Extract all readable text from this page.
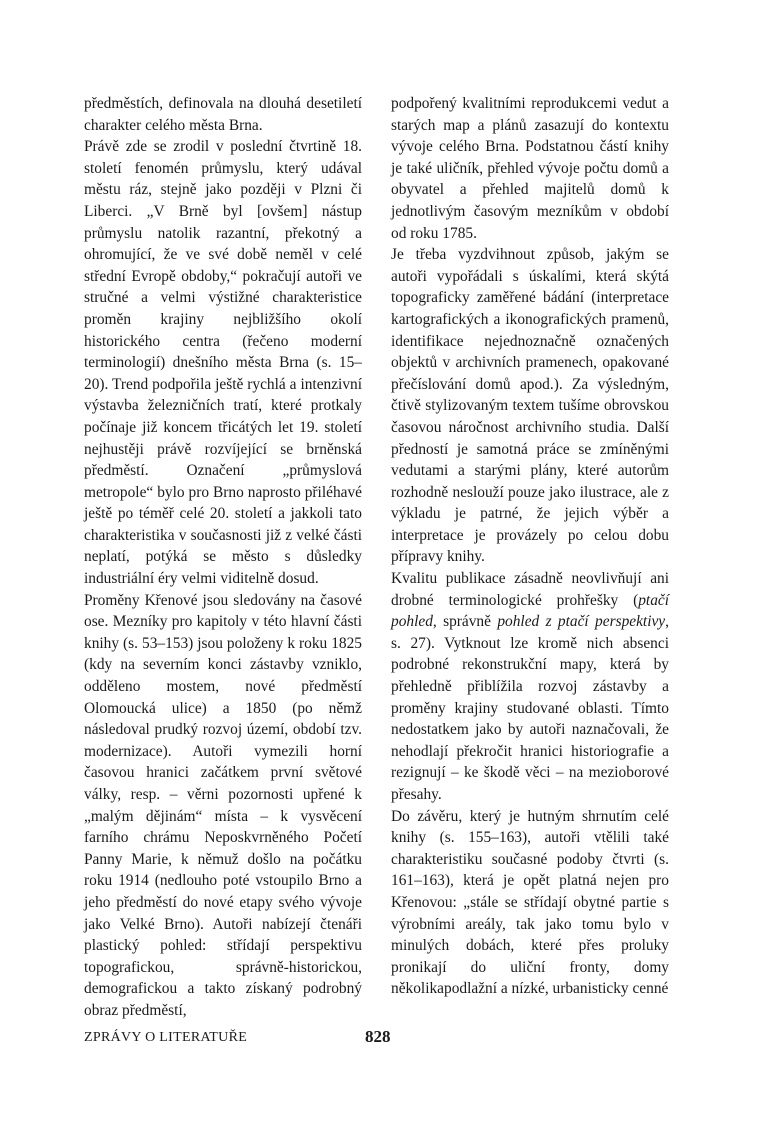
předměstích, definovala na dlouhá desetiletí charakter celého města Brna.

Právě zde se zrodil v poslední čtvrtině 18. století fenomén průmyslu, který udával městu ráz, stejně jako později v Plzni či Liberci. „V Brně byl [ovšem] nástup průmyslu natolik razantní, překotný a ohromující, že ve své době neměl v celé střední Evropě obdoby,“ pokračují autoři ve stručné a velmi výstižné charakteristice proměn krajiny nejbližšího okolí historického centra (řečeno moderní terminologií) dnešního města Brna (s. 15–20). Trend podpořila ještě rychlá a intenzivní výstavba železničních tratí, které protkaly počínaje již koncem třicátých let 19. století nejhustěji právě rozvíjející se brněnská předměstí. Označení „průmyslová metropole“ bylo pro Brno naprosto přiléhavé ještě po téměř celé 20. století a jakkoli tato charakteristika v současnosti již z velké části neplatí, potýká se město s důsledky industriální éry velmi viditelně dosud.

Proměny Křenové jsou sledovány na časové ose. Mezníky pro kapitoly v této hlavní části knihy (s. 53–153) jsou položeny k roku 1825 (kdy na severním konci zástavby vzniklo, odděleno mostem, nové předměstí Olomoucká ulice) a 1850 (po němž následoval prudký rozvoj území, období tzv. modernizace). Autoři vymezili horní časovou hranici začátkem první světové války, resp. – věrni pozornosti upřené k „malým dějinám“ místa – k vysvěcení farního chrámu Neposkvrněného Početí Panny Marie, k němuž došlo na počátku roku 1914 (nedlouho poté vstoupilo Brno a jeho předměstí do nové etapy svého vývoje jako Velké Brno). Autoři nabízejí čtenáři plastický pohled: střídají perspektivu topografickou, správně-historickou, demografickou a takto získaný podrobný obraz předměstí,

podpořený kvalitními reprodukcemi vedut a starých map a plánů zasazují do kontextu vývoje celého Brna. Podstatnou částí knihy je také uličník, přehled vývoje počtu domů a obyvatel a přehled majitelů domů k jednotlivým časovým mezníkům v období od roku 1785.

Je třeba vyzdvihnout způsob, jakým se autoři vypořádali s úskalími, která skýtá topograficky zaměřené bádání (interpretace kartografických a ikonografických pramenů, identifikace nejednoznačně označených objektů v archivních pramenech, opakované přečíslování domů apod.). Za výsledným, čtivě stylizovaným textem tušíme obrovskou časovou náročnost archivního studia. Další předností je samotná práce se zmíněnými vedutami a starými plány, které autorům rozhodně neslouží pouze jako ilustrace, ale z výkladu je patrné, že jejich výběr a interpretace je provázely po celou dobu přípravy knihy.

Kvalitu publikace zásadně neovlivňují ani drobné terminologické prohřešky (ptačí pohled, správně pohled z ptačí perspektivy, s. 27). Vytknout lze kromě nich absenci podrobné rekonstrukční mapy, která by přehledně přiblížila rozvoj zástavby a proměny krajiny studované oblasti. Tímto nedostatkem jako by autoři naznačovali, že nehodlají překročit hranici historiografie a rezignují – ke škodě věci – na mezioborové přesahy.

Do závěru, který je hutným shrnutím celé knihy (s. 155–163), autoři vtělili také charakteristiku současné podoby čtvrti (s. 161–163), která je opět platná nejen pro Křenovou: „stále se střídají obytné partie s výrobními areály, tak jako tomu bylo v minulých dobách, které přes proluky pronikají do uliční fronty, domy několikapodlažní a nízké, urbanisticky cenné

ZPRÁVY O LITERATUŘE	828
